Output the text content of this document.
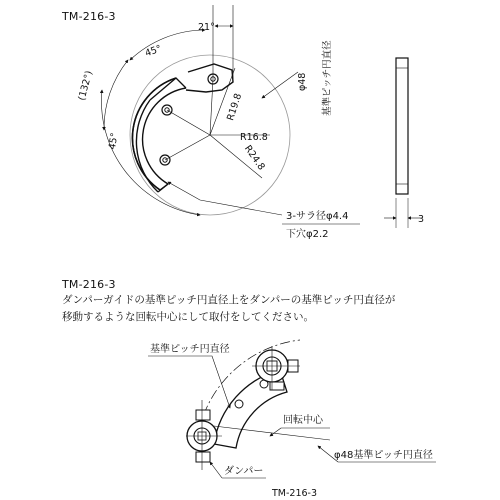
TM-216-3
21°
45°
(132°)
45°
φ48 基準ピッチ円直径
R19.8
R16.8
R24.8
3-サラ径φ4.4
下穴φ2.2
3
TM-216-3
ダンパーガイドの基準ピッチ円直径上をダンパーの基準ピッチ円直径が
移動するような回転中心にして取付をしてください。
基準ピッチ円直径
回転中心
φ48基準ピッチ円直径
ダンパー
TM-216-3
